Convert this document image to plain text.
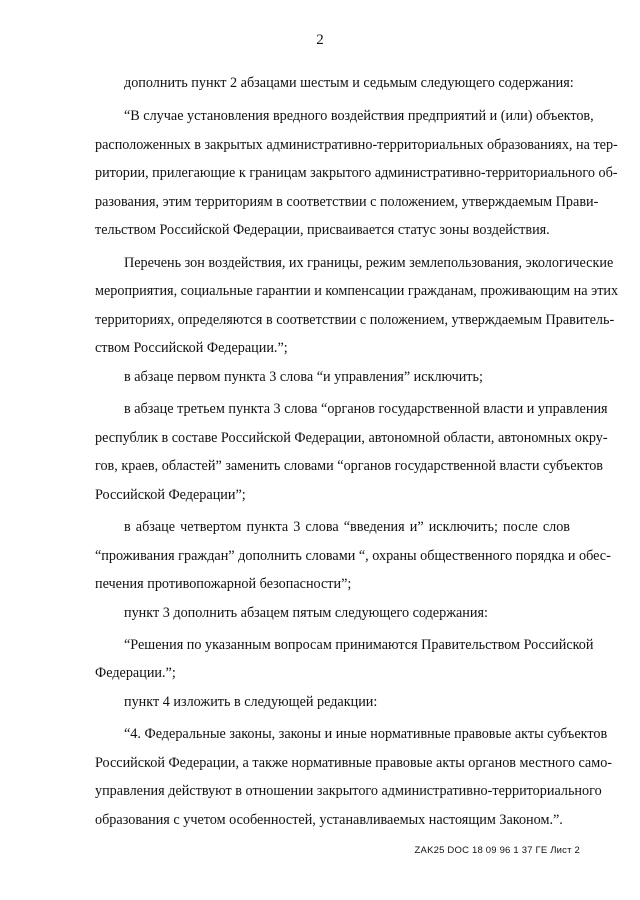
2
дополнить пункт 2 абзацами шестым и седьмым следующего содержания:
“В случае установления вредного воздействия предприятий и (или) объектов,
расположенных в закрытых административно-территориальных образованиях, на тер-
ритории, прилегающие к границам закрытого административно-территориального об-
разования, этим территориям в соответствии с положением, утверждаемым Прави-
тельством Российской Федерации, присваивается статус зоны воздействия.
Перечень зон воздействия, их границы, режим землепользования, экологические
мероприятия, социальные гарантии и компенсации гражданам, проживающим на этих
территориях, определяются в соответствии с положением, утверждаемым Правитель-
ством Российской Федерации.”;
в абзаце первом пункта 3 слова “и управления” исключить;
в абзаце третьем пункта 3 слова “органов государственной власти и управления
республик в составе Российской Федерации, автономной области, автономных окру-
гов, краев, областей” заменить словами “органов государственной власти субъектов
Российской Федерации”;
в абзаце четвертом пункта 3 слова “введения и” исключить; после слов
“проживания граждан” дополнить словами “, охраны общественного порядка и обес-
печения противопожарной безопасности”;
пункт 3 дополнить абзацем пятым следующего содержания:
“Решения по указанным вопросам принимаются Правительством Российской
Федерации.”;
пункт 4 изложить в следующей редакции:
“4. Федеральные законы, законы и иные нормативные правовые акты субъектов
Российской Федерации, а также нормативные правовые акты органов местного само-
управления действуют в отношении закрытого административно-территориального
образования с учетом особенностей, устанавливаемых настоящим Законом.”.
ZAK25 DOC 18 09 96 1 37 ГЕ Лист 2
